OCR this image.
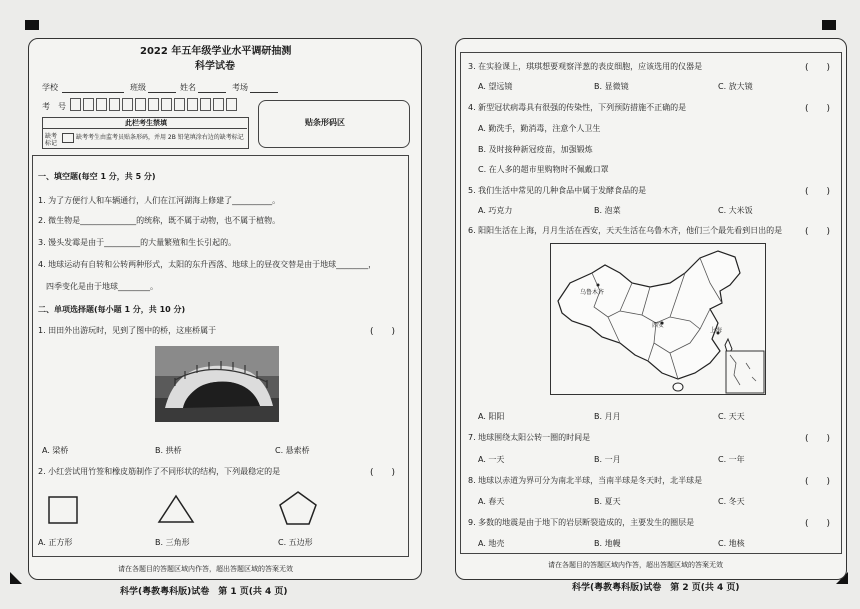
2022 年五年级学业水平调研抽测
科学试卷
学校	班级	姓名	考场
考　号
此栏考生禁填
缺考标记
缺考考生由监考员贴条形码，并用 2B 铅笔填涂右边的缺考标记
贴条形码区
一、填空题(每空 1 分，共 5 分)
1. 为了方便行人和车辆通行，人们在江河湖海上修建了__________。
2. 微生物是______________的统称，既不属于动物，也不属于植物。
3. 馒头发霉是由于_________的大量繁殖和生长引起的。
4. 地球运动有自转和公转两种形式，太阳的东升西落、地球上的昼夜交替是由于地球________，
四季变化是由于地球________。
二、单项选择题(每小题 1 分，共 10 分)
1. 田田外出游玩时，见到了图中的桥，这座桥属于	(　　)
A. 梁桥	B. 拱桥	C. 悬索桥
2. 小红尝试用竹签和橡皮筋制作了不同形状的结构，下列最稳定的是	(　　)
A. 正方形	B. 三角形	C. 五边形
请在各题目的答题区域内作答，超出答题区域的答案无效
科学(粤教粤科版)试卷　第 1 页(共 4 页)
3. 在实验课上，琪琪想要观察洋葱的表皮细胞，应该选用的仪器是	(　　)
A. 望远镜	B. 显微镜	C. 放大镜
4. 新型冠状病毒具有很强的传染性，下列预防措施不正确的是	(　　)
A. 勤洗手，勤消毒，注意个人卫生
B. 及时接种新冠疫苗，加强锻炼
C. 在人多的超市里购物时不佩戴口罩
5. 我们生活中常见的几种食品中属于发酵食品的是	(　　)
A. 巧克力	B. 泡菜	C. 大米饭
6. 阳阳生活在上海，月月生活在西安，天天生活在乌鲁木齐，他们三个最先看到日出的是	(　　)
乌鲁木齐
西安
上海
A. 阳阳	B. 月月	C. 天天
7. 地球围绕太阳公转一圈的时间是	(　　)
A. 一天	B. 一月	C. 一年
8. 地球以赤道为界可分为南北半球，当南半球是冬天时，北半球是	(　　)
A. 春天	B. 夏天	C. 冬天
9. 多数的地震是由于地下的岩层断裂造成的，主要发生的圈层是	(　　)
A. 地壳	B. 地幔	C. 地核
请在各题目的答题区域内作答，超出答题区域的答案无效
科学(粤教粤科版)试卷　第 2 页(共 4 页)
